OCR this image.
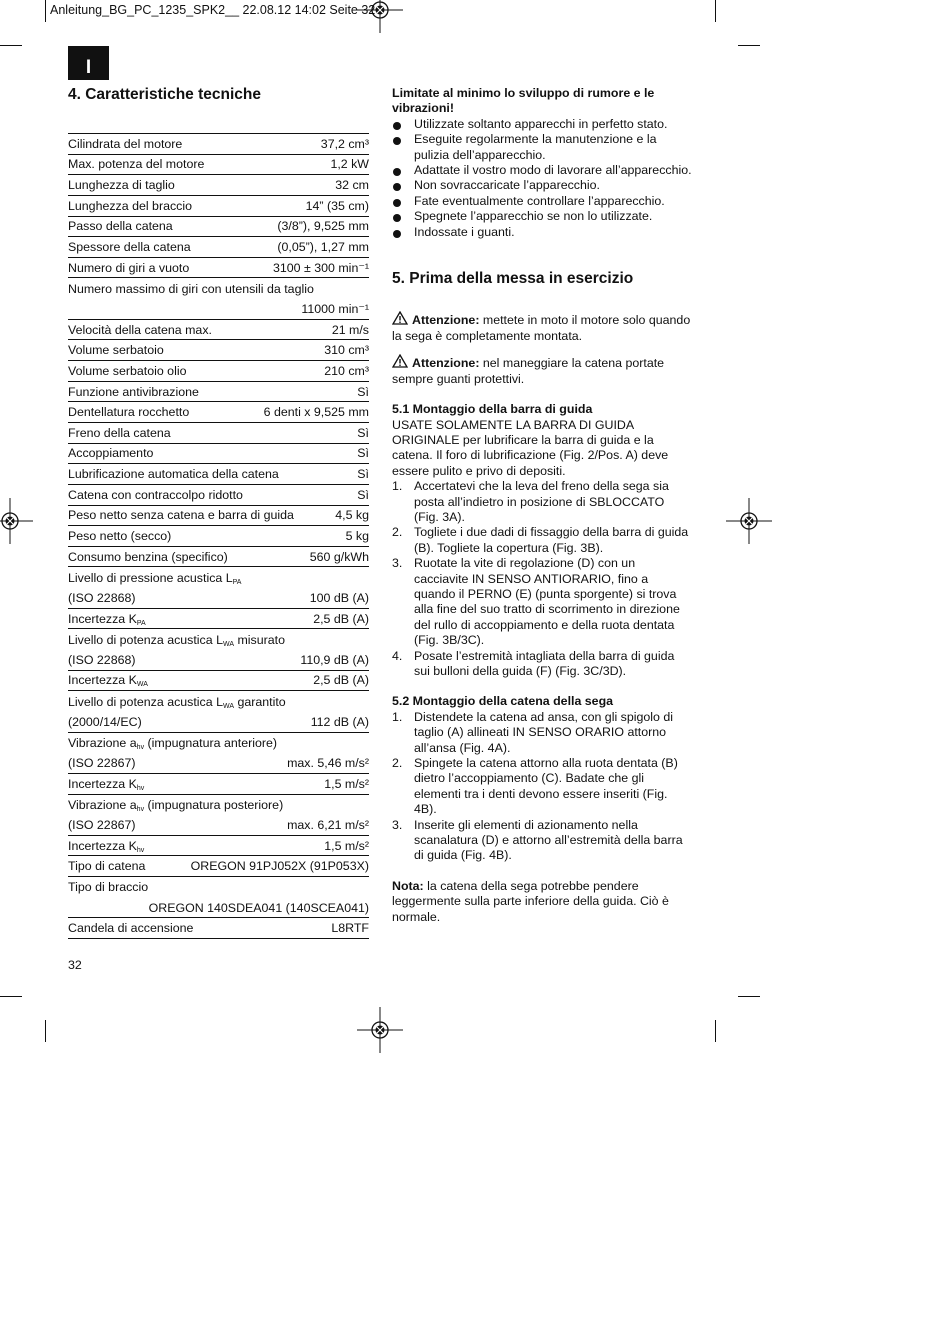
Anleitung_BG_PC_1235_SPK2__ 22.08.12 14:02 Seite 32
I
4. Caratteristiche tecniche
Cilindrata del motore	37,2 cm³
Max. potenza del motore	1,2 kW
Lunghezza di taglio	32 cm
Lunghezza del braccio	14” (35 cm)
Passo della catena	(3/8”), 9,525 mm
Spessore della catena	(0,05”), 1,27 mm
Numero di giri a vuoto	3100 ± 300 min⁻¹
Numero massimo di giri con utensili da taglio
11000 min⁻¹
Velocità della catena max.	21 m/s
Volume serbatoio	310 cm³
Volume serbatoio olio	210 cm³
Funzione antivibrazione	Sì
Dentellatura rocchetto	6 denti x 9,525 mm
Freno della catena	Sì
Accoppiamento	Sì
Lubrificazione automatica della catena	Sì
Catena con contraccolpo ridotto	Sì
Peso netto senza catena e barra di guida	4,5 kg
Peso netto (secco)	5 kg
Consumo benzina (specifico)	560 g/kWh
Livello di pressione acustica $L_{PA}$
(ISO 22868)	100 dB (A)
Incertezza $K_{PA}$	2,5 dB (A)
Livello di potenza acustica $L_{WA}$ misurato
(ISO 22868)	110,9 dB (A)
Incertezza $K_{WA}$	2,5 dB (A)
Livello di potenza acustica $L_{WA}$ garantito
(2000/14/EC)	112 dB (A)
Vibrazione $a_{hv}$ (impugnatura anteriore)
(ISO 22867)	max. 5,46 m/s²
Incertezza $K_{hv}$	1,5 m/s²
Vibrazione $a_{hv}$ (impugnatura posteriore)
(ISO 22867)	max. 6,21 m/s²
Incertezza $K_{hv}$	1,5 m/s²
Tipo di catena	OREGON 91PJ052X (91P053X)
Tipo di braccio
OREGON 140SDEA041 (140SCEA041)
Candela di accensione	L8RTF
32

Limitate al minimo lo sviluppo di rumore e le vibrazioni!

Utilizzate soltanto apparecchi in perfetto stato.
Eseguite regolarmente la manutenzione e la pulizia dell’apparecchio.
Adattate il vostro modo di lavorare all’apparecchio.
Non sovraccaricate l’apparecchio.
Fate eventualmente controllare l’apparecchio.
Spegnete l’apparecchio se non lo utilizzate.
Indossate i guanti.
5. Prima della messa in esercizio

Attenzione: mettete in moto il motore solo quando la sega è completamente montata.

Attenzione: nel maneggiare la catena portate sempre guanti protettivi.

5.1 Montaggio della barra di guida

USATE SOLAMENTE LA BARRA DI GUIDA ORIGINALE per lubrificare la barra di guida e la catena. Il foro di lubrificazione (Fig. 2/Pos. A) deve essere pulito e privo di depositi.

1. Accertatevi che la leva del freno della sega sia posta all’indietro in posizione di SBLOCCATO (Fig. 3A).
2. Togliete i due dadi di fissaggio della barra di guida (B). Togliete la copertura (Fig. 3B).
3. Ruotate la vite di regolazione (D) con un cacciavite IN SENSO ANTIORARIO, fino a quando il PERNO (E) (punta sporgente) si trova alla fine del suo tratto di scorrimento in direzione del rullo di accoppiamento e della ruota dentata (Fig. 3B/3C).
4. Posate l’estremità intagliata della barra di guida sui bulloni della guida (F) (Fig. 3C/3D).

5.2 Montaggio della catena della sega

1. Distendete la catena ad ansa, con gli spigolo di taglio (A) allineati IN SENSO ORARIO attorno all’ansa (Fig. 4A).
2. Spingete la catena attorno alla ruota dentata (B) dietro l’accoppiamento (C). Badate che gli elementi tra i denti devono essere inseriti (Fig. 4B).
3. Inserite gli elementi di azionamento nella scanalatura (D) e attorno all’estremità della barra di guida (Fig. 4B).

Nota: la catena della sega potrebbe pendere leggermente sulla parte inferiore della guida. Ciò è normale.
